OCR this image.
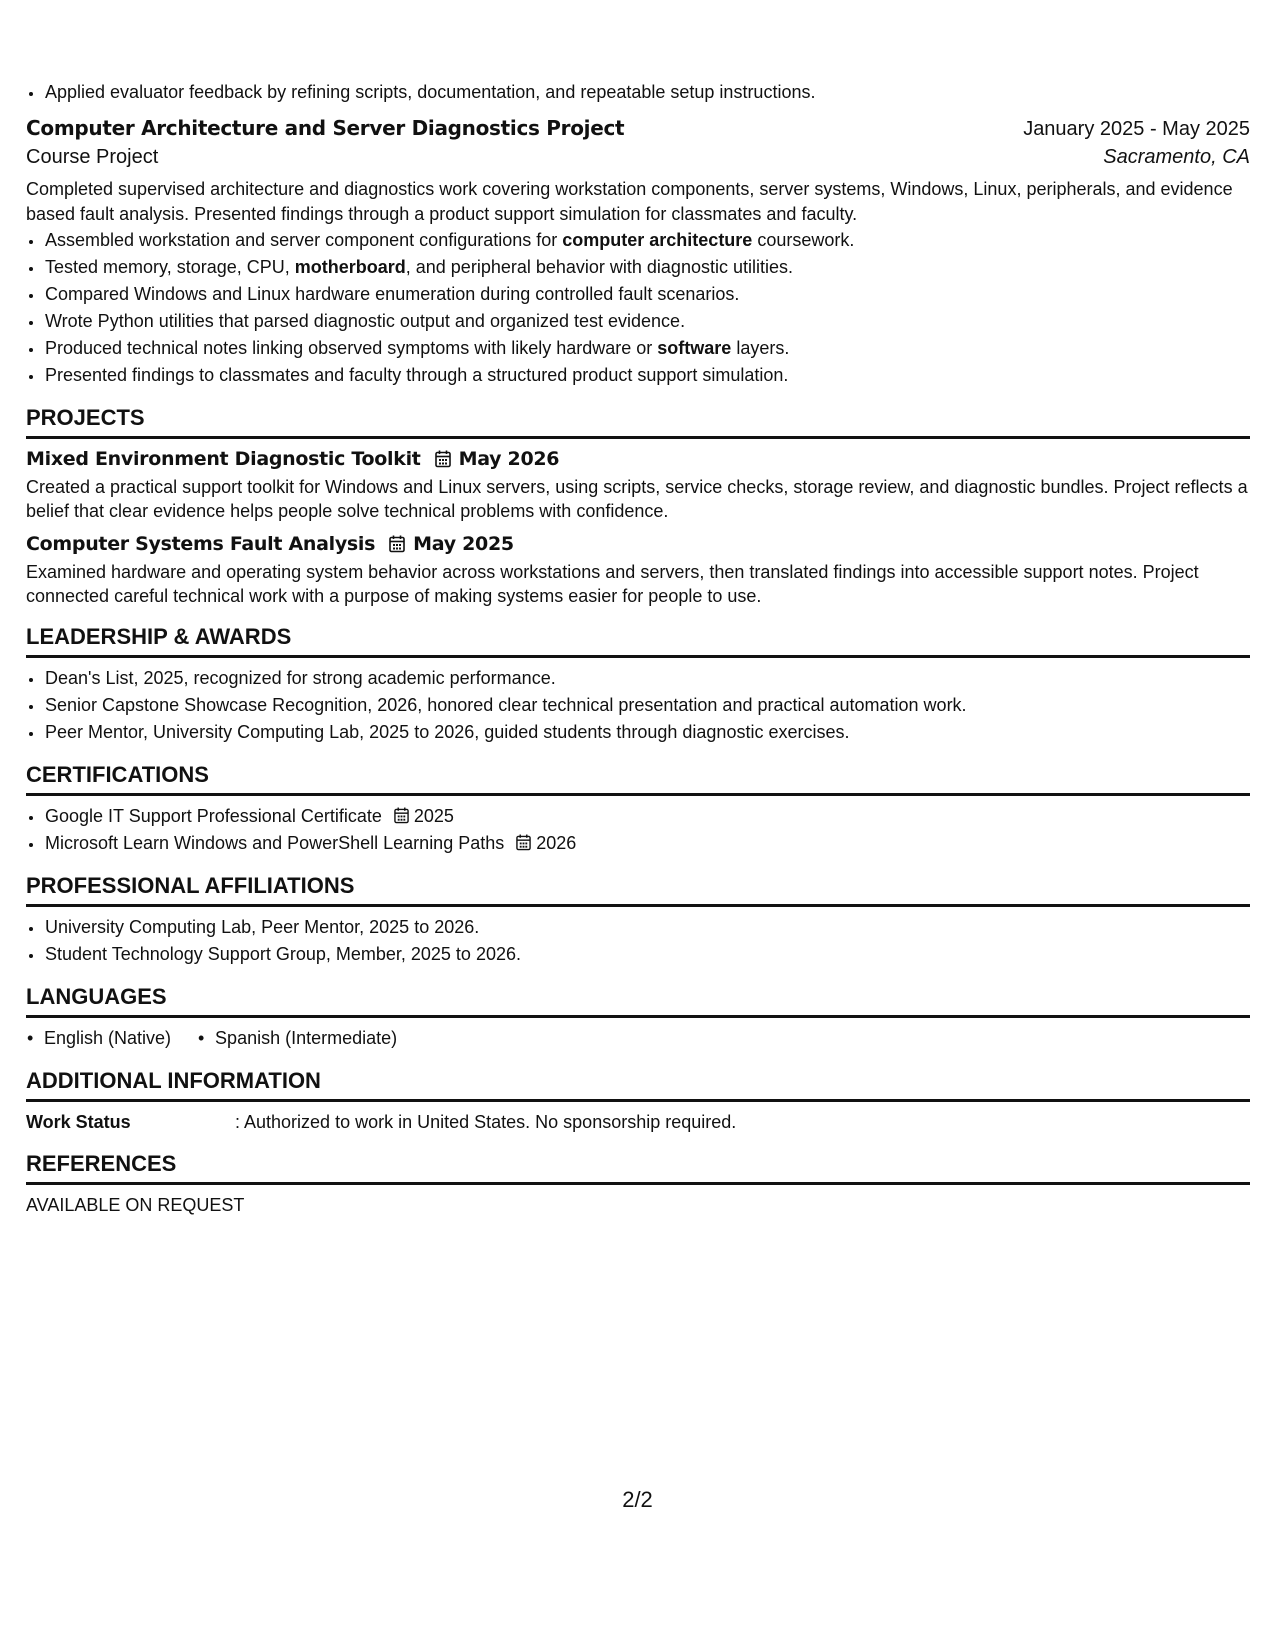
• Applied evaluator feedback by refining scripts, documentation, and repeatable setup instructions.
Computer Architecture and Server Diagnostics Project	January 2025 - May 2025
Course Project	Sacramento, CA
Completed supervised architecture and diagnostics work covering workstation components, server systems, Windows, Linux, peripherals, and evidence based fault analysis. Presented findings through a product support simulation for classmates and faculty.
• Assembled workstation and server component configurations for computer architecture coursework.
• Tested memory, storage, CPU, motherboard, and peripheral behavior with diagnostic utilities.
• Compared Windows and Linux hardware enumeration during controlled fault scenarios.
• Wrote Python utilities that parsed diagnostic output and organized test evidence.
• Produced technical notes linking observed symptoms with likely hardware or software layers.
• Presented findings to classmates and faculty through a structured product support simulation.
PROJECTS
Mixed Environment Diagnostic Toolkit May 2026
Created a practical support toolkit for Windows and Linux servers, using scripts, service checks, storage review, and diagnostic bundles. Project reflects a belief that clear evidence helps people solve technical problems with confidence.
Computer Systems Fault Analysis May 2025
Examined hardware and operating system behavior across workstations and servers, then translated findings into accessible support notes. Project connected careful technical work with a purpose of making systems easier for people to use.
LEADERSHIP & AWARDS
• Dean's List, 2025, recognized for strong academic performance.
• Senior Capstone Showcase Recognition, 2026, honored clear technical presentation and practical automation work.
• Peer Mentor, University Computing Lab, 2025 to 2026, guided students through diagnostic exercises.
CERTIFICATIONS
• Google IT Support Professional Certificate 2025
• Microsoft Learn Windows and PowerShell Learning Paths 2026
PROFESSIONAL AFFILIATIONS
• University Computing Lab, Peer Mentor, 2025 to 2026.
• Student Technology Support Group, Member, 2025 to 2026.
LANGUAGES
• English (Native)
•	Spanish (Intermediate)
ADDITIONAL INFORMATION
Work Status	: Authorized to work in United States. No sponsorship required.
REFERENCES
AVAILABLE ON REQUEST
2/2
